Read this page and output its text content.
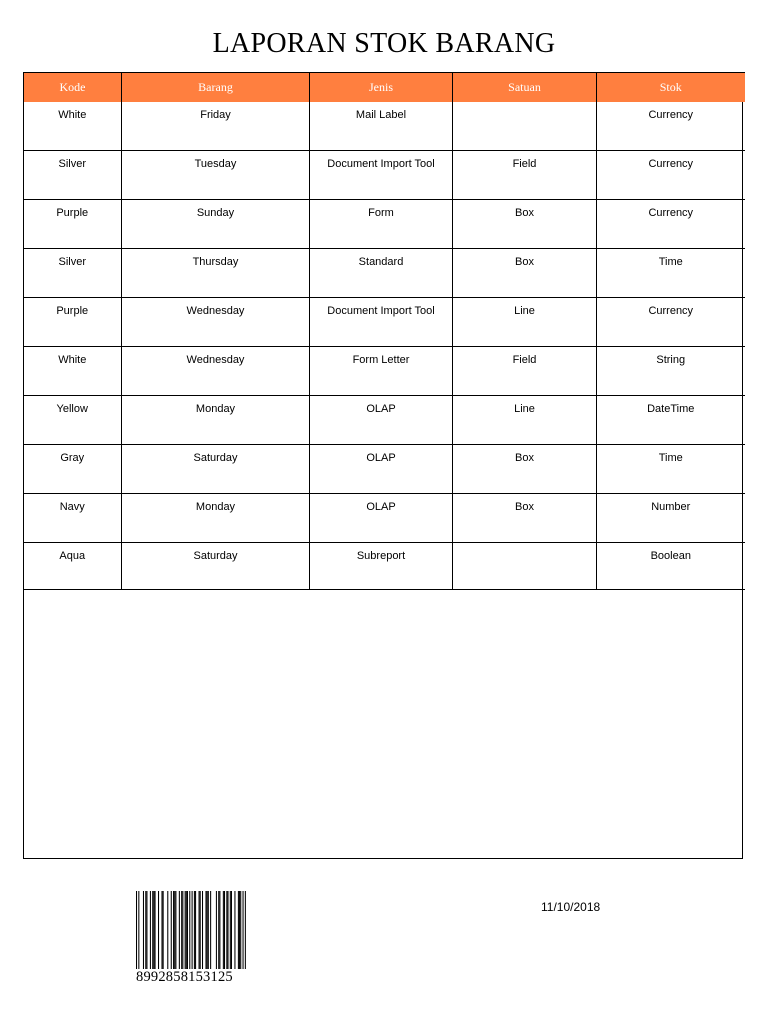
LAPORAN STOK BARANG
Kode	Barang	Jenis	Satuan	Stok
White	Friday	Mail Label		Currency
Silver	Tuesday	Document Import Tool	Field	Currency
Purple	Sunday	Form	Box	Currency
Silver	Thursday	Standard	Box	Time
Purple	Wednesday	Document Import Tool	Line	Currency
White	Wednesday	Form Letter	Field	String
Yellow	Monday	OLAP	Line	DateTime
Gray	Saturday	OLAP	Box	Time
Navy	Monday	OLAP	Box	Number
Aqua	Saturday	Subreport		Boolean
8992858153125
11/10/2018
